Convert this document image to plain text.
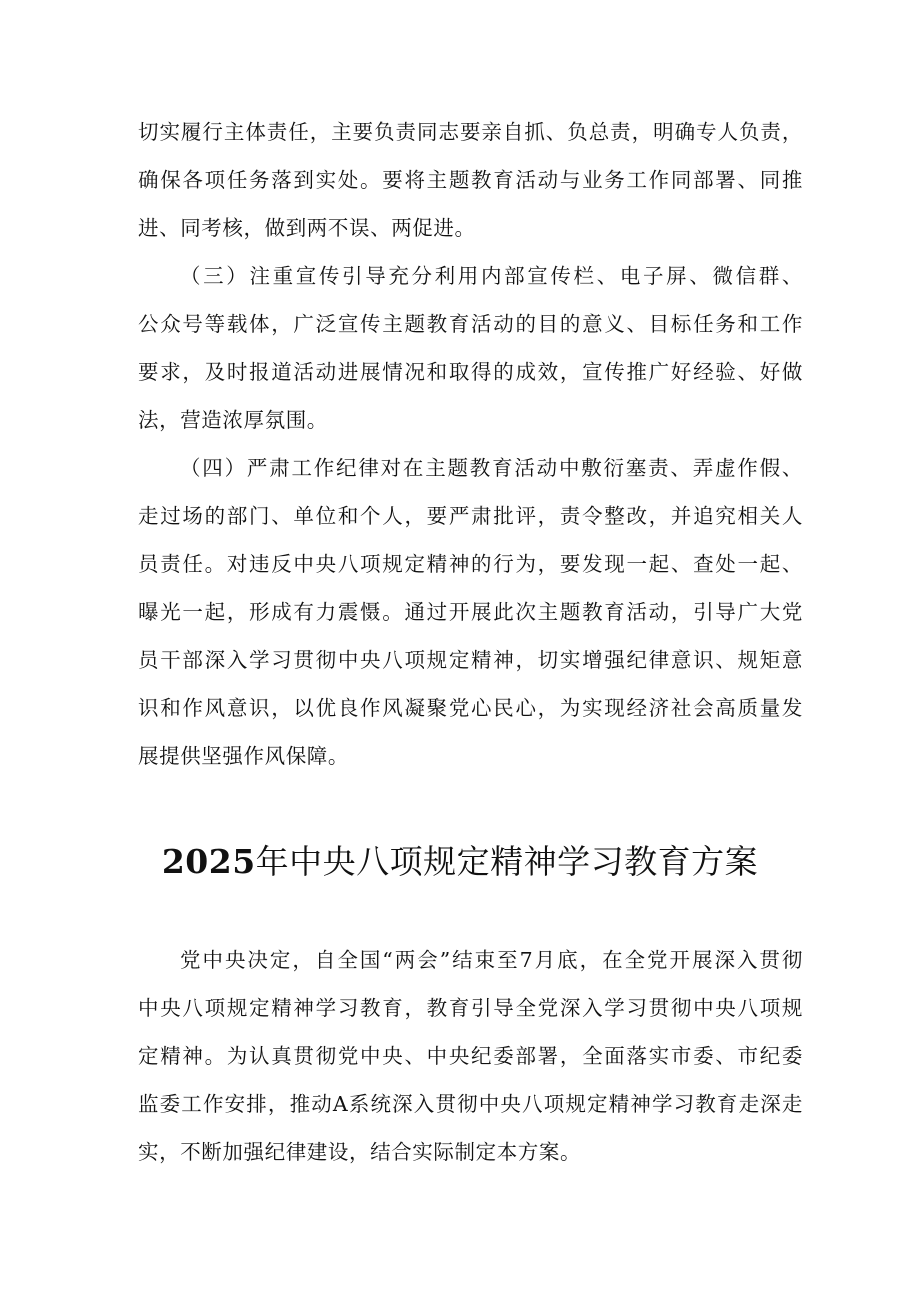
切实履行主体责任，主要负责同志要亲自抓、负总责，明确专人负责，
确保各项任务落到实处。要将主题教育活动与业务工作同部署、同推
进、同考核，做到两不误、两促进。
（三）注重宣传引导充分利用内部宣传栏、电子屏、微信群、
公众号等载体，广泛宣传主题教育活动的目的意义、目标任务和工作
要求，及时报道活动进展情况和取得的成效，宣传推广好经验、好做
法，营造浓厚氛围。
（四）严肃工作纪律对在主题教育活动中敷衍塞责、弄虚作假、
走过场的部门、单位和个人，要严肃批评，责令整改，并追究相关人
员责任。对违反中央八项规定精神的行为，要发现一起、查处一起、
曝光一起，形成有力震慑。通过开展此次主题教育活动，引导广大党
员干部深入学习贯彻中央八项规定精神，切实增强纪律意识、规矩意
识和作风意识，以优良作风凝聚党心民心，为实现经济社会高质量发
展提供坚强作风保障。
2025年中央八项规定精神学习教育方案
党中央决定，自全国“两会”结束至7月底，在全党开展深入贯彻
中央八项规定精神学习教育，教育引导全党深入学习贯彻中央八项规
定精神。为认真贯彻党中央、中央纪委部署，全面落实市委、市纪委
监委工作安排，推动A系统深入贯彻中央八项规定精神学习教育走深走
实，不断加强纪律建设，结合实际制定本方案。
